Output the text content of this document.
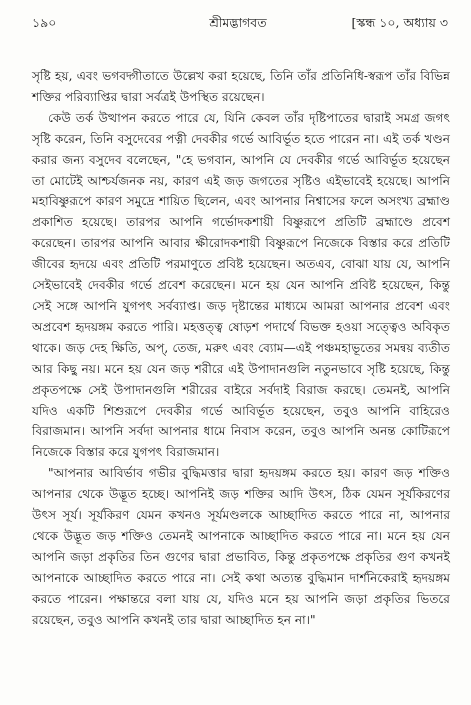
১৯০	শ্রীমদ্ভাগবত	[স্কন্ধ ১০, অধ্যায় ৩

সৃষ্টি হয়, এবং ভগবদ্গীতাতে উল্লেখ করা হয়েছে, তিনি তাঁর প্রতিনিধি-স্বরূপ তাঁর বিভিন্ন শক্তির পরিব্যাপ্তির দ্বারা সর্বত্রই উপস্থিত রয়েছেন।

কেউ তর্ক উত্থাপন করতে পারে যে, যিনি কেবল তাঁর দৃষ্টিপাতের দ্বারাই সমগ্র জগৎ সৃষ্টি করেন, তিনি বসুদেবের পত্নী দেবকীর গর্ভে আবির্ভূত হতে পারেন না। এই তর্ক খণ্ডন করার জন্য বসুদেব বলেছেন, "হে ভগবান, আপনি যে দেবকীর গর্ভে আবির্ভূত হয়েছেন তা মোটেই আশ্চর্যজনক নয়, কারণ এই জড় জগতের সৃষ্টিও এইভাবেই হয়েছে। আপনি মহাবিষ্ণুরূপে কারণ সমুদ্রে শায়িত ছিলেন, এবং আপনার নিশ্বাসের ফলে অসংখ্য ব্রহ্মাণ্ড প্রকাশিত হয়েছে। তারপর আপনি গর্ভোদকশায়ী বিষ্ণুরূপে প্রতিটি ব্রহ্মাণ্ডে প্রবেশ করেছেন। তারপর আপনি আবার ক্ষীরোদকশায়ী বিষ্ণুরূপে নিজেকে বিস্তার করে প্রতিটি জীবের হৃদয়ে এবং প্রতিটি পরমাণুতে প্রবিষ্ট হয়েছেন। অতএব, বোঝা যায় যে, আপনি সেইভাবেই দেবকীর গর্ভে প্রবেশ করেছেন। মনে হয় যেন আপনি প্রবিষ্ট হয়েছেন, কিন্তু সেই সঙ্গে আপনি যুগপৎ সর্বব্যাপ্ত। জড় দৃষ্টান্তের মাধ্যমে আমরা আপনার প্রবেশ এবং অপ্রবেশ হৃদয়ঙ্গম করতে পারি। মহত্তত্ত্ব ষোড়শ পদার্থে বিভক্ত হওয়া সত্ত্বেও অবিকৃত থাকে। জড় দেহ ক্ষিতি, অপ্‌, তেজ, মরুৎ এবং ব্যোম—এই পঞ্চমহাভূতের সমন্বয় ব্যতীত আর কিছু নয়। মনে হয় যেন জড় শরীরে এই উপাদানগুলি নতুনভাবে সৃষ্টি হয়েছে, কিন্তু প্রকৃতপক্ষে সেই উপাদানগুলি শরীরের বাইরে সর্বদাই বিরাজ করছে। তেমনই, আপনি যদিও একটি শিশুরূপে দেবকীর গর্ভে আবির্ভূত হয়েছেন, তবুও আপনি বাহিরেও বিরাজমান। আপনি সর্বদা আপনার ধামে নিবাস করেন, তবুও আপনি অনন্ত কোটিরূপে নিজেকে বিস্তার করে যুগপৎ বিরাজমান।

"আপনার আবির্ভাব গভীর বুদ্ধিমত্তার দ্বারা হৃদয়ঙ্গম করতে হয়। কারণ জড় শক্তিও আপনার থেকে উদ্ভূত হচ্ছে। আপনিই জড় শক্তির আদি উৎস, ঠিক যেমন সূর্যকিরণের উৎস সূর্য। সূর্যকিরণ যেমন কখনও সূর্যমণ্ডলকে আচ্ছাদিত করতে পারে না, আপনার থেকে উদ্ভূত জড় শক্তিও তেমনই আপনাকে আচ্ছাদিত করতে পারে না। মনে হয় যেন আপনি জড়া প্রকৃতির তিন গুণের দ্বারা প্রভাবিত, কিন্তু প্রকৃতপক্ষে প্রকৃতির গুণ কখনই আপনাকে আচ্ছাদিত করতে পারে না। সেই কথা অত্যন্ত বুদ্ধিমান দার্শনিকেরাই হৃদয়ঙ্গম করতে পারেন। পক্ষান্তরে বলা যায় যে, যদিও মনে হয় আপনি জড়া প্রকৃতির ভিতরে রয়েছেন, তবুও আপনি কখনই তার দ্বারা আচ্ছাদিত হন না।"
